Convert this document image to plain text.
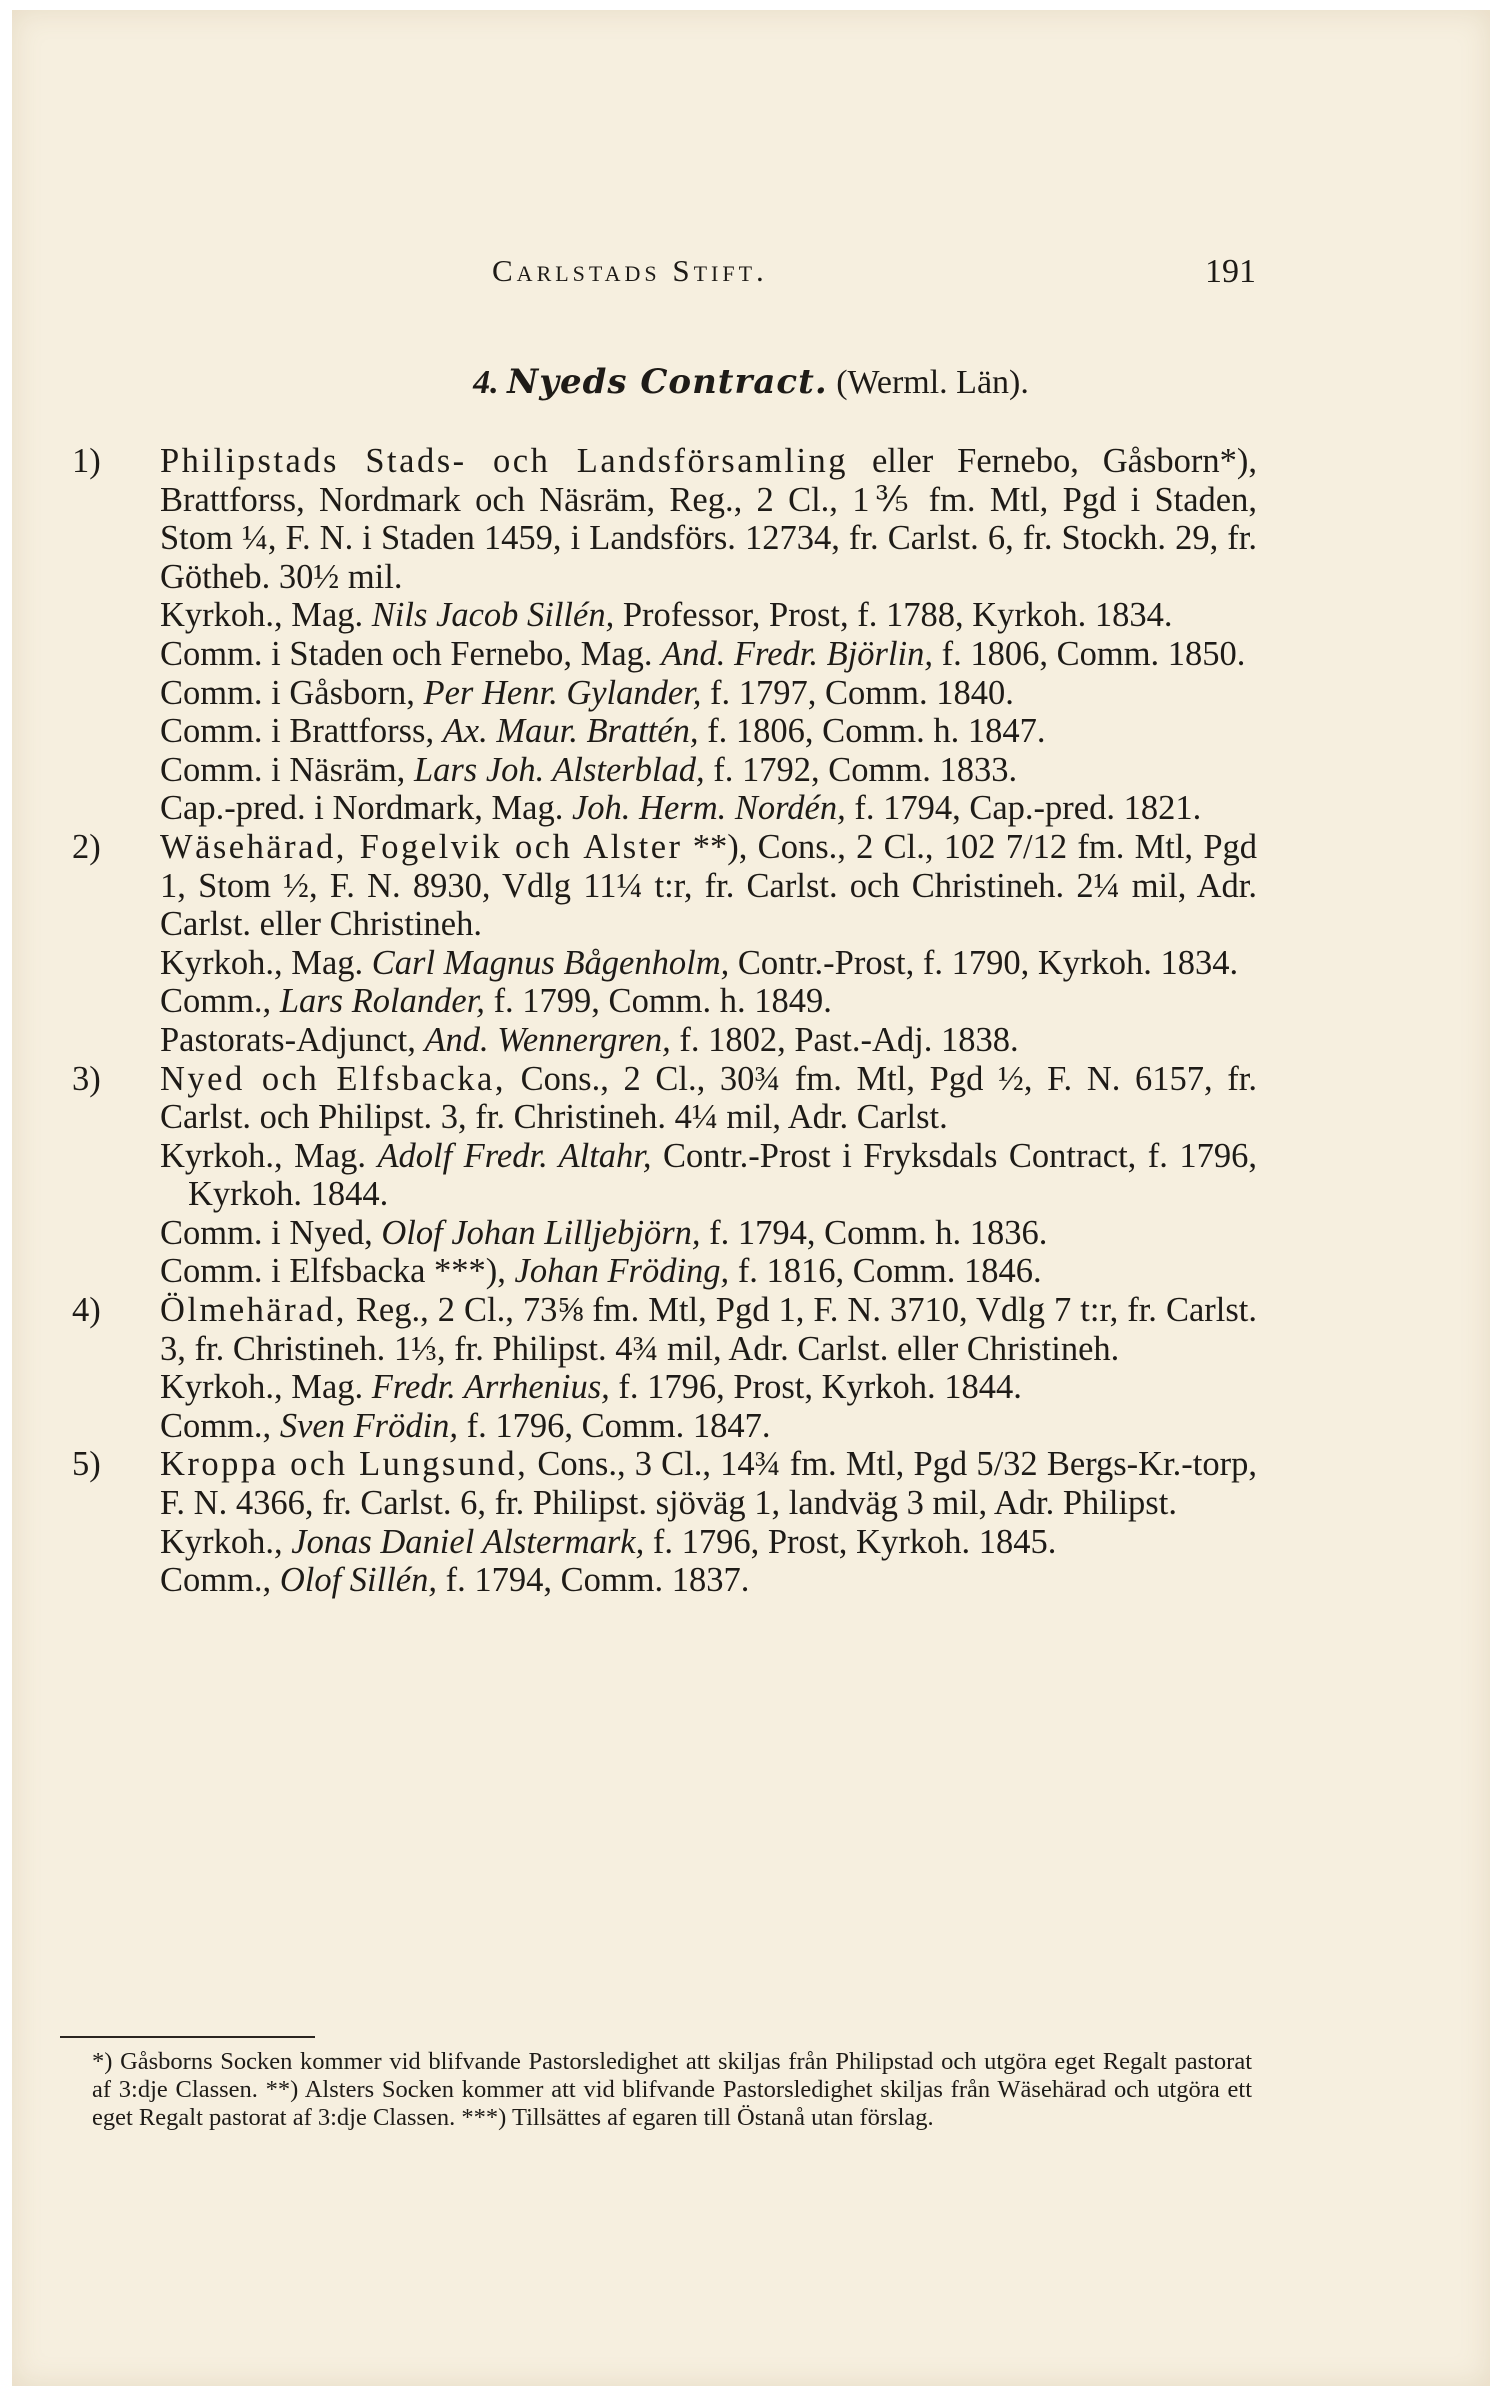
Carlstads Stift.	191
4. Nyeds Contract. (Werml. Län).
1) Philipstads Stads- och Landsförsamling eller Fernebo, Gåsborn*), Brattforss, Nordmark och Näsräm, Reg., 2 Cl., 1⅗ fm. Mtl, Pgd i Staden, Stom ¼, F. N. i Staden 1459, i Landsförs. 12734, fr. Carlst. 6, fr. Stockh. 29, fr. Götheb. 30½ mil.

Kyrkoh., Mag. Nils Jacob Sillén, Professor, Prost, f. 1788, Kyrkoh. 1834.

Comm. i Staden och Fernebo, Mag. And. Fredr. Björlin, f. 1806, Comm. 1850.

Comm. i Gåsborn, Per Henr. Gylander, f. 1797, Comm. 1840.

Comm. i Brattforss, Ax. Maur. Brattén, f. 1806, Comm. h. 1847.

Comm. i Näsräm, Lars Joh. Alsterblad, f. 1792, Comm. 1833.

Cap.-pred. i Nordmark, Mag. Joh. Herm. Nordén, f. 1794, Cap.-pred. 1821.

2) Wäsehärad, Fogelvik och Alster **), Cons., 2 Cl., 102 7/12 fm. Mtl, Pgd 1, Stom ½, F. N. 8930, Vdlg 11¼ t:r, fr. Carlst. och Christineh. 2¼ mil, Adr. Carlst. eller Christineh.

Kyrkoh., Mag. Carl Magnus Bågenholm, Contr.-Prost, f. 1790, Kyrkoh. 1834.

Comm., Lars Rolander, f. 1799, Comm. h. 1849.

Pastorats-Adjunct, And. Wennergren, f. 1802, Past.-Adj. 1838.

3) Nyed och Elfsbacka, Cons., 2 Cl., 30¾ fm. Mtl, Pgd ½, F. N. 6157, fr. Carlst. och Philipst. 3, fr. Christineh. 4¼ mil, Adr. Carlst.

Kyrkoh., Mag. Adolf Fredr. Altahr, Contr.-Prost i Fryksdals Contract, f. 1796, Kyrkoh. 1844.

Comm. i Nyed, Olof Johan Lilljebjörn, f. 1794, Comm. h. 1836.

Comm. i Elfsbacka ***), Johan Fröding, f. 1816, Comm. 1846.

4) Ölmehärad, Reg., 2 Cl., 73⅝ fm. Mtl, Pgd 1, F. N. 3710, Vdlg 7 t:r, fr. Carlst. 3, fr. Christineh. 1⅓, fr. Philipst. 4¾ mil, Adr. Carlst. eller Christineh.

Kyrkoh., Mag. Fredr. Arrhenius, f. 1796, Prost, Kyrkoh. 1844.

Comm., Sven Frödin, f. 1796, Comm. 1847.

5) Kroppa och Lungsund, Cons., 3 Cl., 14¾ fm. Mtl, Pgd 5/32 Bergs-Kr.-torp, F. N. 4366, fr. Carlst. 6, fr. Philipst. sjöväg 1, landväg 3 mil, Adr. Philipst.

Kyrkoh., Jonas Daniel Alstermark, f. 1796, Prost, Kyrkoh. 1845.

Comm., Olof Sillén, f. 1794, Comm. 1837.

*) Gåsborns Socken kommer vid blifvande Pastorsledighet att skiljas från Philipstad och utgöra eget Regalt pastorat af 3:dje Classen. **) Alsters Socken kommer att vid blifvande Pastorsledighet skiljas från Wäsehärad och utgöra ett eget Regalt pastorat af 3:dje Classen. ***) Tillsättes af egaren till Östanå utan förslag.
